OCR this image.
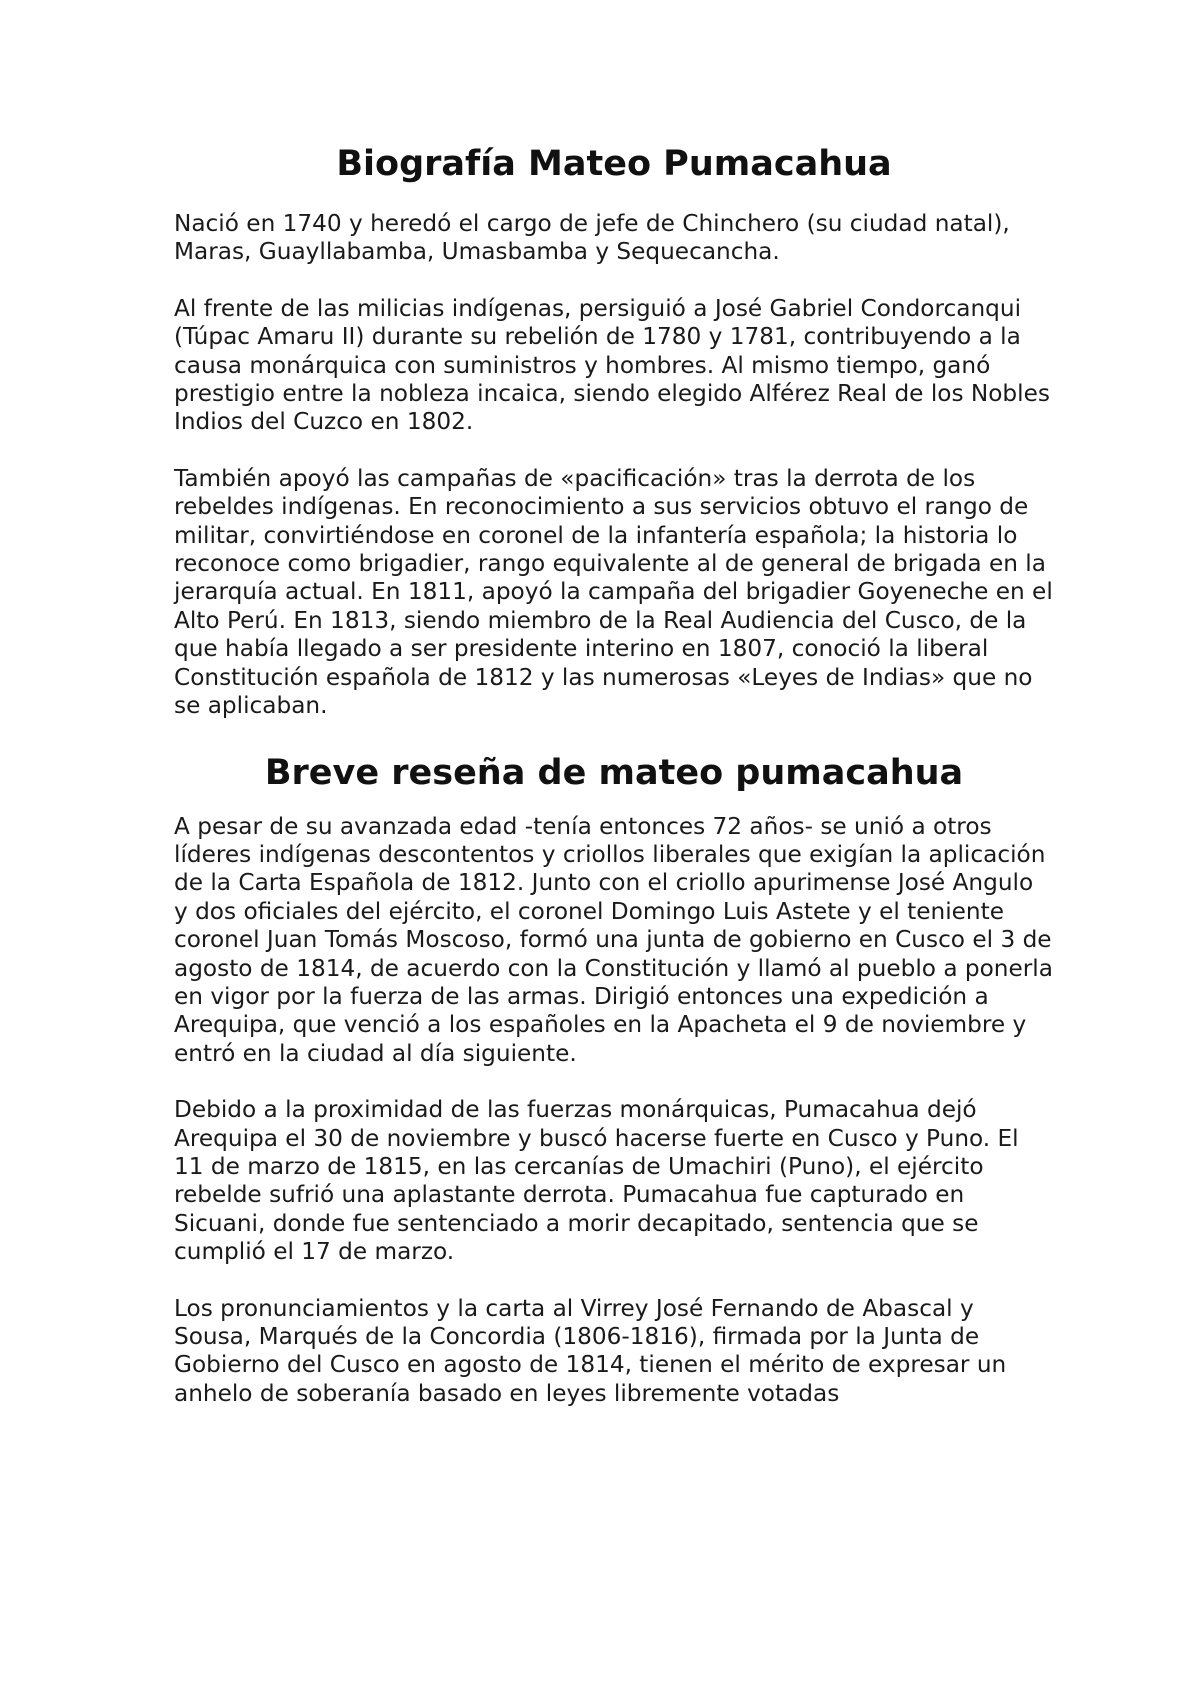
Biografía Mateo Pumacahua

Nació en 1740 y heredó el cargo de jefe de Chinchero (su ciudad natal), Maras, Guayllabamba, Umasbamba y Sequecancha.

Al frente de las milicias indígenas, persiguió a José Gabriel Condorcanqui (Túpac Amaru II) durante su rebelión de 1780 y 1781, contribuyendo a la causa monárquica con suministros y hombres. Al mismo tiempo, ganó prestigio entre la nobleza incaica, siendo elegido Alférez Real de los Nobles Indios del Cuzco en 1802.

También apoyó las campañas de «pacificación» tras la derrota de los rebeldes indígenas. En reconocimiento a sus servicios obtuvo el rango de militar, convirtiéndose en coronel de la infantería española; la historia lo reconoce como brigadier, rango equivalente al de general de brigada en la jerarquía actual. En 1811, apoyó la campaña del brigadier Goyeneche en el Alto Perú. En 1813, siendo miembro de la Real Audiencia del Cusco, de la que había llegado a ser presidente interino en 1807, conoció la liberal Constitución española de 1812 y las numerosas «Leyes de Indias» que no se aplicaban.

Breve reseña de mateo pumacahua

A pesar de su avanzada edad -tenía entonces 72 años- se unió a otros líderes indígenas descontentos y criollos liberales que exigían la aplicación de la Carta Española de 1812. Junto con el criollo apurimense José Angulo y dos oficiales del ejército, el coronel Domingo Luis Astete y el teniente coronel Juan Tomás Moscoso, formó una junta de gobierno en Cusco el 3 de agosto de 1814, de acuerdo con la Constitución y llamó al pueblo a ponerla en vigor por la fuerza de las armas. Dirigió entonces una expedición a Arequipa, que venció a los españoles en la Apacheta el 9 de noviembre y entró en la ciudad al día siguiente.

Debido a la proximidad de las fuerzas monárquicas, Pumacahua dejó Arequipa el 30 de noviembre y buscó hacerse fuerte en Cusco y Puno. El 11 de marzo de 1815, en las cercanías de Umachiri (Puno), el ejército rebelde sufrió una aplastante derrota. Pumacahua fue capturado en Sicuani, donde fue sentenciado a morir decapitado, sentencia que se cumplió el 17 de marzo.

Los pronunciamientos y la carta al Virrey José Fernando de Abascal y Sousa, Marqués de la Concordia (1806-1816), firmada por la Junta de Gobierno del Cusco en agosto de 1814, tienen el mérito de expresar un anhelo de soberanía basado en leyes libremente votadas
